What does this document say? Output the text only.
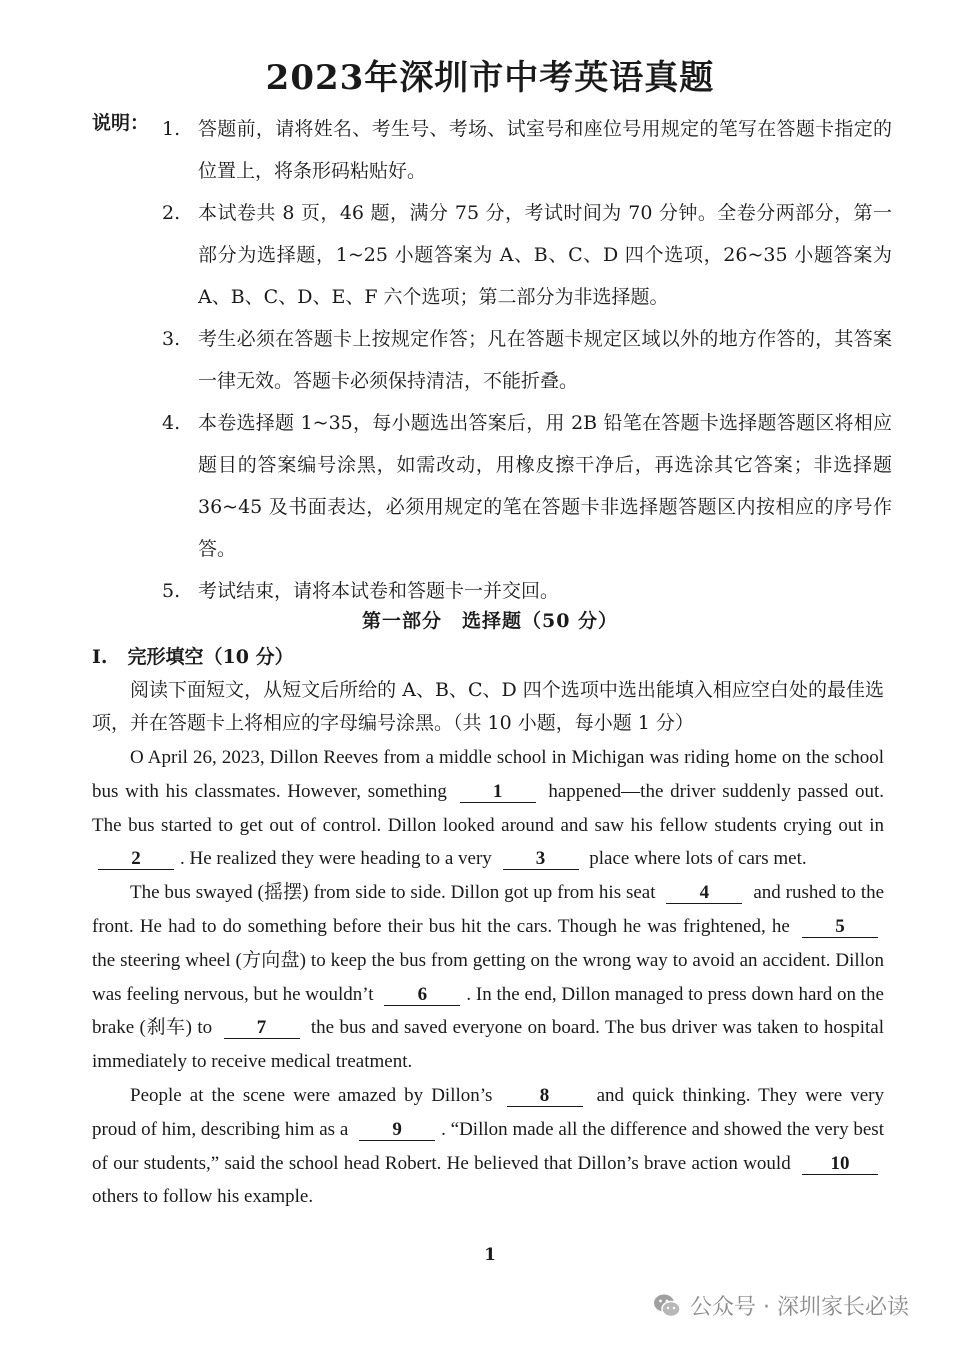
2023年深圳市中考英语真题
说明： 1. 答题前，请将姓名、考生号、考场、试室号和座位号用规定的笔写在答题卡指定的位置上，将条形码粘贴好。
2. 本试卷共 8 页，46 题，满分 75 分，考试时间为 70 分钟。全卷分两部分，第一部分为选择题，1~25 小题答案为 A、B、C、D 四个选项，26~35 小题答案为 A、B、C、D、E、F 六个选项；第二部分为非选择题。
3. 考生必须在答题卡上按规定作答；凡在答题卡规定区域以外的地方作答的，其答案一律无效。答题卡必须保持清洁，不能折叠。
4. 本卷选择题 1~35，每小题选出答案后，用 2B 铅笔在答题卡选择题答题区将相应题目的答案编号涂黑，如需改动，用橡皮擦干净后，再选涂其它答案；非选择题 36~45 及书面表达，必须用规定的笔在答题卡非选择题答题区内按相应的序号作答。
5. 考试结束，请将本试卷和答题卡一并交回。
第一部分　选择题（50 分）
I. 完形填空（10 分）
阅读下面短文，从短文后所给的 A、B、C、D 四个选项中选出能填入相应空白处的最佳选项，并在答题卡上将相应的字母编号涂黑。（共 10 小题，每小题 1 分）

O April 26, 2023, Dillon Reeves from a middle school in Michigan was riding home on the school bus with his classmates. However, something 1 happened—the driver suddenly passed out. The bus started to get out of control. Dillon looked around and saw his fellow students crying out in 2 . He realized they were heading to a very 3 place where lots of cars met.

The bus swayed (摇摆) from side to side. Dillon got up from his seat 4 and rushed to the front. He had to do something before their bus hit the cars. Though he was frightened, he 5 the steering wheel (方向盘) to keep the bus from getting on the wrong way to avoid an accident. Dillon was feeling nervous, but he wouldn’t 6 . In the end, Dillon managed to press down hard on the brake (刹车) to 7 the bus and saved everyone on board. The bus driver was taken to hospital immediately to receive medical treatment.

People at the scene were amazed by Dillon’s 8 and quick thinking. They were very proud of him, describing him as a 9 . “Dillon made all the difference and showed the very best of our students,” said the school head Robert. He believed that Dillon’s brave action would 10 others to follow his example.

1
公众号 · 深圳家长必读
